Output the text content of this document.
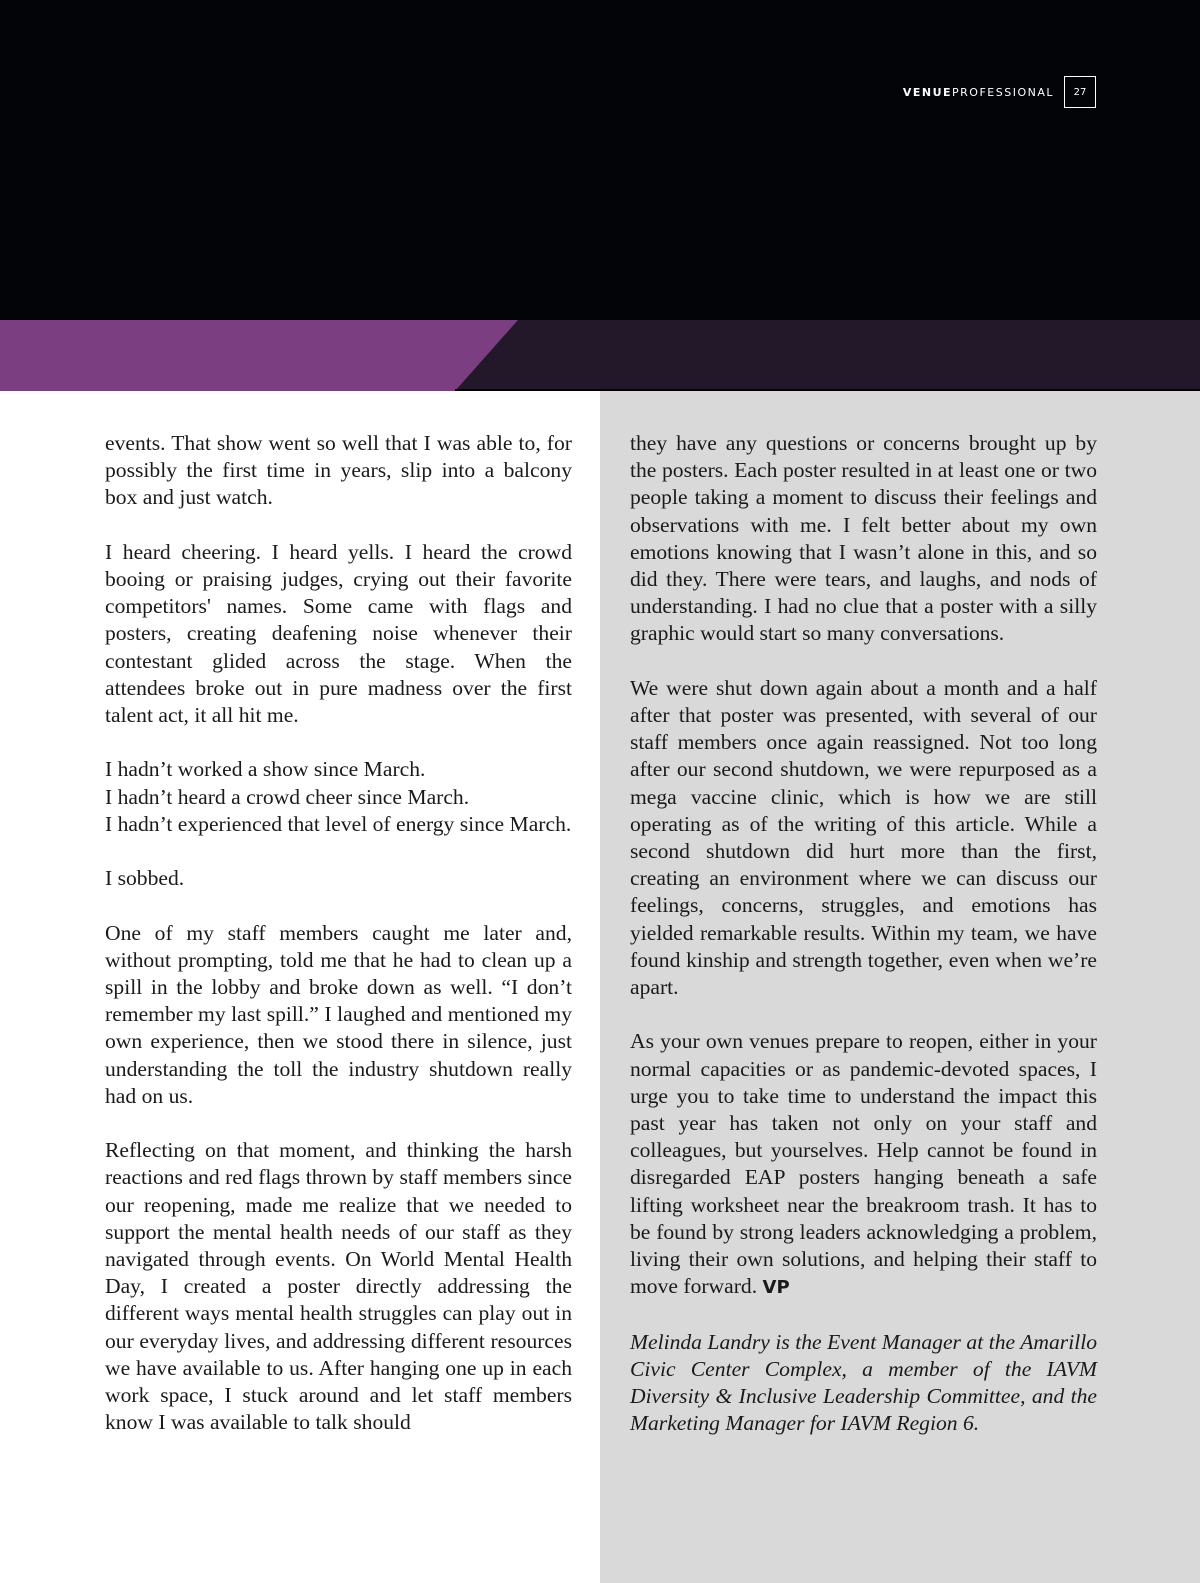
VENUEPROFESSIONAL	27

events. That show went so well that I was able to, for possibly the first time in years, slip into a balcony box and just watch.

I heard cheering. I heard yells. I heard the crowd booing or praising judges, crying out their favorite competitors' names. Some came with flags and posters, creating deafening noise whenever their contestant glided across the stage. When the attendees broke out in pure madness over the first talent act, it all hit me.

I hadn’t worked a show since March.
I hadn’t heard a crowd cheer since March.
I hadn’t experienced that level of energy since March.

I sobbed.

One of my staff members caught me later and, without prompting, told me that he had to clean up a spill in the lobby and broke down as well. “I don’t remember my last spill.” I laughed and mentioned my own experience, then we stood there in silence, just understanding the toll the industry shutdown really had on us.

Reflecting on that moment, and thinking the harsh reactions and red flags thrown by staff members since our reopening, made me realize that we needed to support the mental health needs of our staff as they navigated through events. On World Mental Health Day, I created a poster directly addressing the different ways mental health struggles can play out in our everyday lives, and addressing different resources we have available to us. After hanging one up in each work space, I stuck around and let staff members know I was available to talk should

they have any questions or concerns brought up by the posters. Each poster resulted in at least one or two people taking a moment to discuss their feelings and observations with me. I felt better about my own emotions knowing that I wasn’t alone in this, and so did they. There were tears, and laughs, and nods of understanding. I had no clue that a poster with a silly graphic would start so many conversations.

We were shut down again about a month and a half after that poster was presented, with several of our staff members once again reassigned. Not too long after our second shutdown, we were repurposed as a mega vaccine clinic, which is how we are still operating as of the writing of this article. While a second shutdown did hurt more than the first, creating an environment where we can discuss our feelings, concerns, struggles, and emotions has yielded remarkable results. Within my team, we have found kinship and strength together, even when we’re apart.

As your own venues prepare to reopen, either in your normal capacities or as pandemic-devoted spaces, I urge you to take time to understand the impact this past year has taken not only on your staff and colleagues, but yourselves. Help cannot be found in disregarded EAP posters hanging beneath a safe lifting worksheet near the breakroom trash. It has to be found by strong leaders acknowledging a problem, living their own solutions, and helping their staff to move forward. VP

Melinda Landry is the Event Manager at the Amarillo Civic Center Complex, a member of the IAVM Diversity & Inclusive Leadership Committee, and the Marketing Manager for IAVM Region 6.
